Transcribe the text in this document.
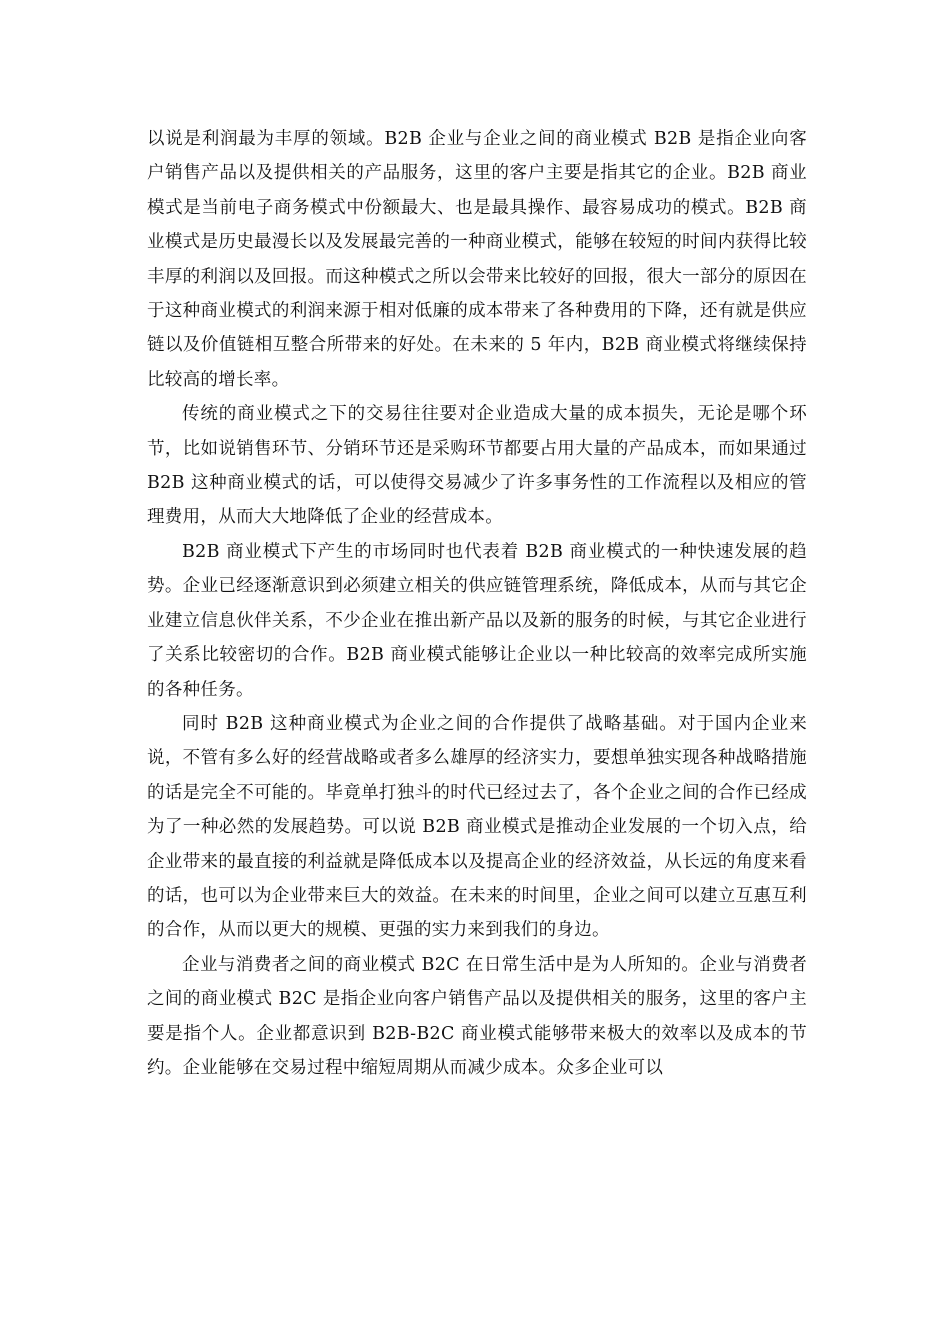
以说是利润最为丰厚的领域。B2B 企业与企业之间的商业模式 B2B 是指企业向客户销售产品以及提供相关的产品服务，这里的客户主要是指其它的企业。B2B 商业模式是当前电子商务模式中份额最大、也是最具操作、最容易成功的模式。B2B 商业模式是历史最漫长以及发展最完善的一种商业模式，能够在较短的时间内获得比较丰厚的利润以及回报。而这种模式之所以会带来比较好的回报，很大一部分的原因在于这种商业模式的利润来源于相对低廉的成本带来了各种费用的下降，还有就是供应链以及价值链相互整合所带来的好处。在未来的 5 年内，B2B 商业模式将继续保持比较高的增长率。

传统的商业模式之下的交易往往要对企业造成大量的成本损失，无论是哪个环节，比如说销售环节、分销环节还是采购环节都要占用大量的产品成本，而如果通过 B2B 这种商业模式的话，可以使得交易减少了许多事务性的工作流程以及相应的管理费用，从而大大地降低了企业的经营成本。

B2B 商业模式下产生的市场同时也代表着 B2B 商业模式的一种快速发展的趋势。企业已经逐渐意识到必须建立相关的供应链管理系统，降低成本，从而与其它企业建立信息伙伴关系，不少企业在推出新产品以及新的服务的时候，与其它企业进行了关系比较密切的合作。B2B 商业模式能够让企业以一种比较高的效率完成所实施的各种任务。

同时 B2B 这种商业模式为企业之间的合作提供了战略基础。对于国内企业来说，不管有多么好的经营战略或者多么雄厚的经济实力，要想单独实现各种战略措施的话是完全不可能的。毕竟单打独斗的时代已经过去了，各个企业之间的合作已经成为了一种必然的发展趋势。可以说 B2B 商业模式是推动企业发展的一个切入点，给企业带来的最直接的利益就是降低成本以及提高企业的经济效益，从长远的角度来看的话，也可以为企业带来巨大的效益。在未来的时间里，企业之间可以建立互惠互利的合作，从而以更大的规模、更强的实力来到我们的身边。

企业与消费者之间的商业模式 B2C 在日常生活中是为人所知的。企业与消费者之间的商业模式 B2C 是指企业向客户销售产品以及提供相关的服务，这里的客户主要是指个人。企业都意识到 B2B-B2C 商业模式能够带来极大的效率以及成本的节约。企业能够在交易过程中缩短周期从而减少成本。众多企业可以
